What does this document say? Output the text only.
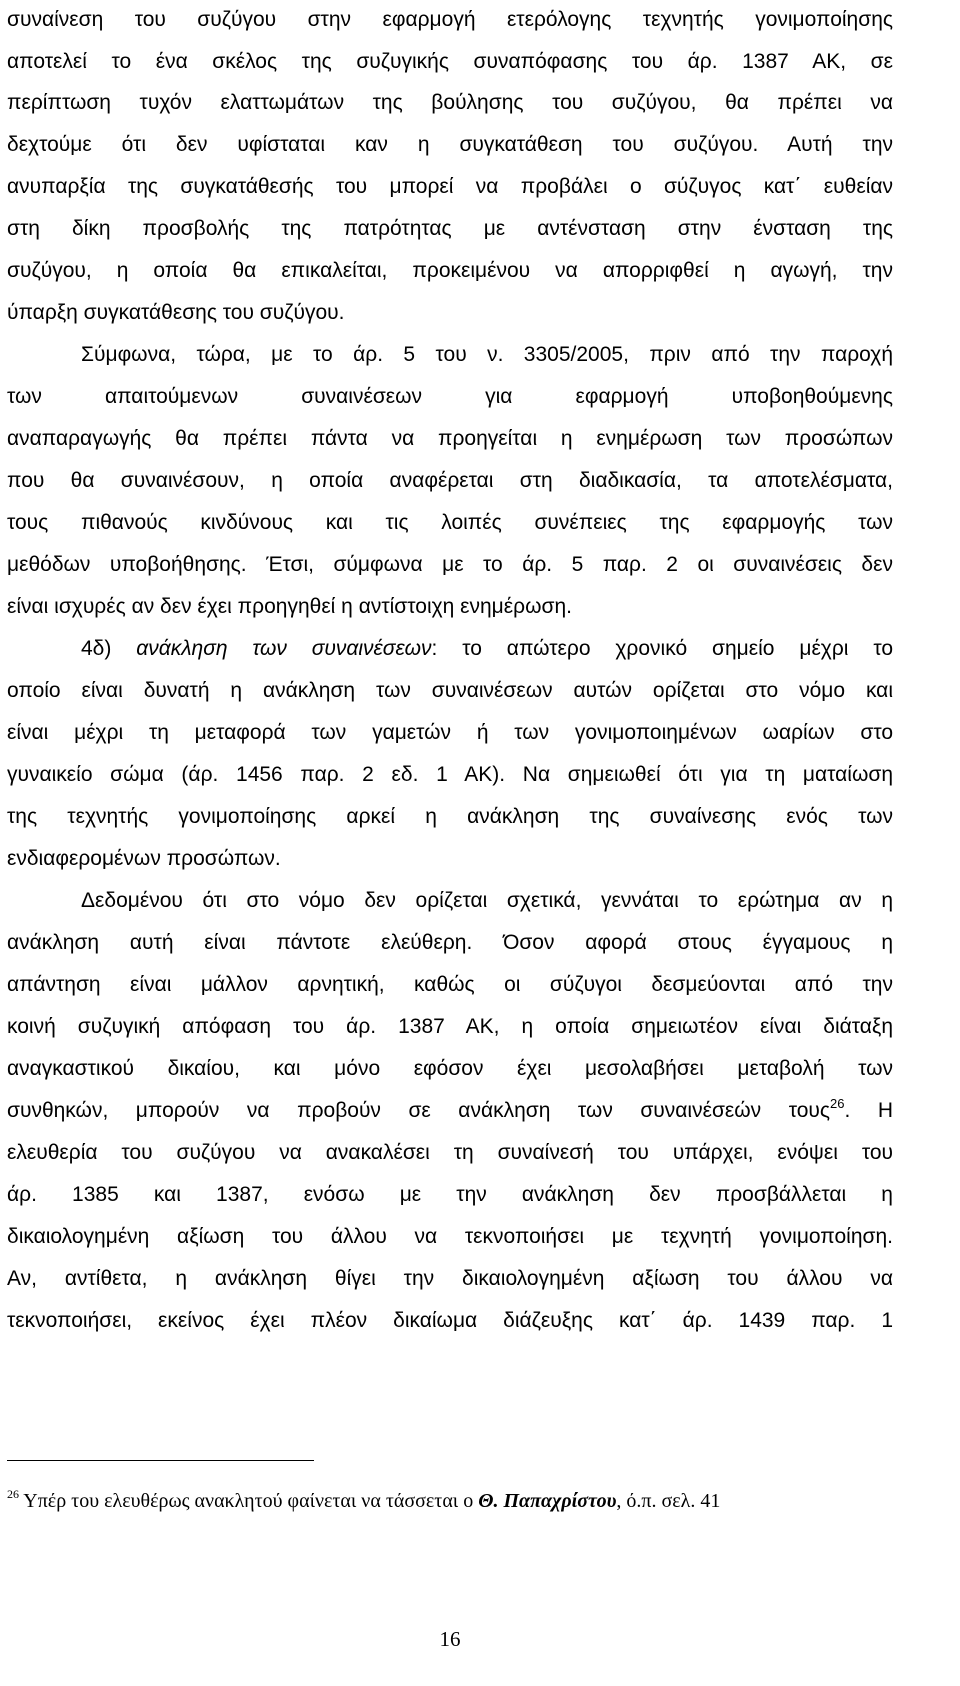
συναίνεση του συζύγου στην εφαρμογή ετερόλογης τεχνητής γονιμοποίησης
αποτελεί το ένα σκέλος της συζυγικής συναπόφασης του άρ. 1387 ΑΚ, σε
περίπτωση τυχόν ελαττωμάτων της βούλησης του συζύγου, θα πρέπει να
δεχτούμε ότι δεν υφίσταται καν η συγκατάθεση του συζύγου. Αυτή την
ανυπαρξία της συγκατάθεσής του μπορεί να προβάλει ο σύζυγος κατ΄ ευθείαν
στη δίκη προσβολής της πατρότητας με αντένσταση στην ένσταση της
συζύγου, η οποία θα επικαλείται, προκειμένου να απορριφθεί η αγωγή, την
ύπαρξη συγκατάθεσης του συζύγου.
Σύμφωνα, τώρα, με το άρ. 5 του ν. 3305/2005, πριν από την παροχή
των απαιτούμενων συναινέσεων για εφαρμογή υποβοηθούμενης
αναπαραγωγής θα πρέπει πάντα να προηγείται η ενημέρωση των προσώπων
που θα συναινέσουν, η οποία αναφέρεται στη διαδικασία, τα αποτελέσματα,
τους πιθανούς κινδύνους και τις λοιπές συνέπειες της εφαρμογής των
μεθόδων υποβοήθησης. Έτσι, σύμφωνα με το άρ. 5 παρ. 2 οι συναινέσεις δεν
είναι ισχυρές αν δεν έχει προηγηθεί η αντίστοιχη ενημέρωση.
4δ) ανάκληση των συναινέσεων: το απώτερο χρονικό σημείο μέχρι το
οποίο είναι δυνατή η ανάκληση των συναινέσεων αυτών ορίζεται στο νόμο και
είναι μέχρι τη μεταφορά των γαμετών ή των γονιμοποιημένων ωαρίων στο
γυναικείο σώμα (άρ. 1456 παρ. 2 εδ. 1 ΑΚ). Να σημειωθεί ότι για τη ματαίωση
της τεχνητής γονιμοποίησης αρκεί η ανάκληση της συναίνεσης ενός των
ενδιαφερομένων προσώπων.
Δεδομένου ότι στο νόμο δεν ορίζεται σχετικά, γεννάται το ερώτημα αν η
ανάκληση αυτή είναι πάντοτε ελεύθερη. Όσον αφορά στους έγγαμους η
απάντηση είναι μάλλον αρνητική, καθώς οι σύζυγοι δεσμεύονται από την
κοινή συζυγική απόφαση του άρ. 1387 ΑΚ, η οποία σημειωτέον είναι διάταξη
αναγκαστικού δικαίου, και μόνο εφόσον έχει μεσολαβήσει μεταβολή των
συνθηκών, μπορούν να προβούν σε ανάκληση των συναινέσεών τους$^{26}$. Η
ελευθερία του συζύγου να ανακαλέσει τη συναίνεσή του υπάρχει, ενόψει του
άρ. 1385 και 1387, ενόσω με την ανάκληση δεν προσβάλλεται η
δικαιολογημένη αξίωση του άλλου να τεκνοποιήσει με τεχνητή γονιμοποίηση.
Αν, αντίθετα, η ανάκληση θίγει την δικαιολογημένη αξίωση του άλλου να
τεκνοποιήσει, εκείνος έχει πλέον δικαίωμα διάζευξης κατ΄ άρ. 1439 παρ. 1
$^{26}$ Υπέρ του ελευθέρως ανακλητού φαίνεται να τάσσεται ο Θ. Παπαχρίστου, ό.π. σελ. 41
16
